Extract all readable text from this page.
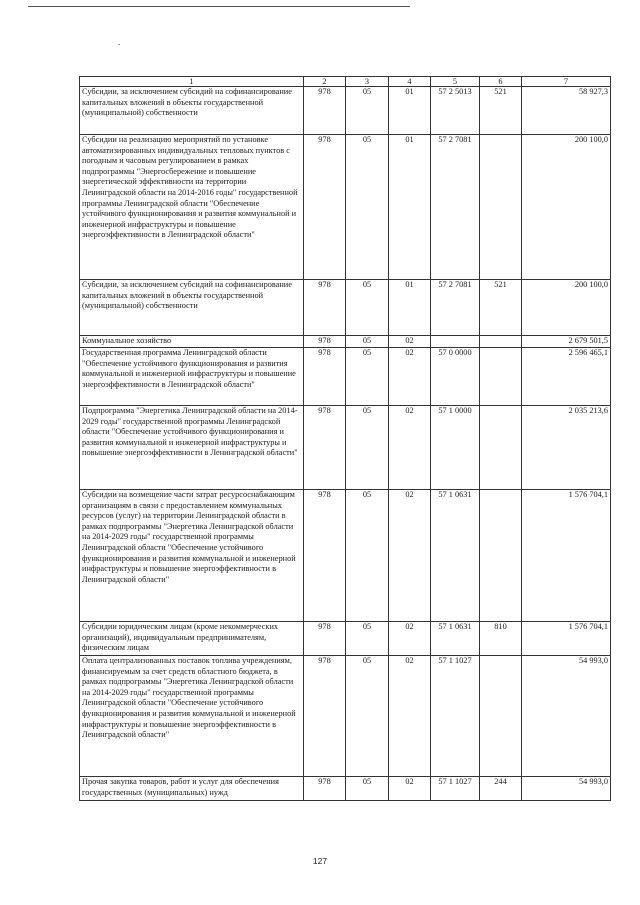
1	2	3	4	5	6	7
Субсидии, за исключением субсидий на софинансирование капитальных вложений в объекты государственной (муниципальной) собственности	978	05	01	57 2 5013	521	58 927,3
Субсидии на реализацию мероприятий по установке автоматизированных индивидуальных тепловых пунктов с погодным и часовым регулированием в рамках подпрограммы "Энергосбережение и повышение энергетической эффективности на территории Ленинградской области на 2014-2016 годы" государственной программы Ленинградской области "Обеспечение устойчивого функционирования и развития коммунальной и инженерной инфраструктуры и повышение энергоэффективности в Ленинградской области"	978	05	01	57 2 7081		200 100,0
Субсидии, за исключением субсидий на софинансирование капитальных вложений в объекты государственной (муниципальной) собственности	978	05	01	57 2 7081	521	200 100,0
Коммунальное хозяйство	978	05	02			2 679 501,5
Государственная программа Ленинградской области "Обеспечение устойчивого функционирования и развития коммунальной и инженерной инфраструктуры и повышение энергоэффективности в Ленинградской области"	978	05	02	57 0 0000		2 596 465,1
Подпрограмма "Энергетика Ленинградской области на 2014-2029 годы" государственной программы Ленинградской области "Обеспечение устойчивого функционирования и развития коммунальной и инженерной инфраструктуры и повышение энергоэффективности в Ленинградской области"	978	05	02	57 1 0000		2 035 213,6
Субсидии на возмещение части затрат ресурсоснабжающим организациям в связи с предоставлением коммунальных ресурсов (услуг) на территории Ленинградской области в рамках подпрограммы "Энергетика Ленинградской области на 2014-2029 годы" государственной программы Ленинградской области "Обеспечение устойчивого функционирования и развития коммунальной и инженерной инфраструктуры и повышение энергоэффективности в Ленинградской области"	978	05	02	57 1 0631		1 576 704,1
Субсидии юридическим лицам (кроме некоммерческих организаций), индивидуальным предпринимателям, физическим лицам	978	05	02	57 1 0631	810	1 576 704,1
Оплата централизованных поставок топлива учреждениям, финансируемым за счет средств областного бюджета, в рамках подпрограммы "Энергетика Ленинградской области на 2014-2029 годы" государственной программы Ленинградской области "Обеспечение устойчивого функционирования и развития коммунальной и инженерной инфраструктуры и повышение энергоэффективности в Ленинградской области"	978	05	02	57 1 1027		54 993,0
Прочая закупка товаров, работ и услуг для обеспечения государственных (муниципальных) нужд	978	05	02	57 1 1027	244	54 993,0
127
